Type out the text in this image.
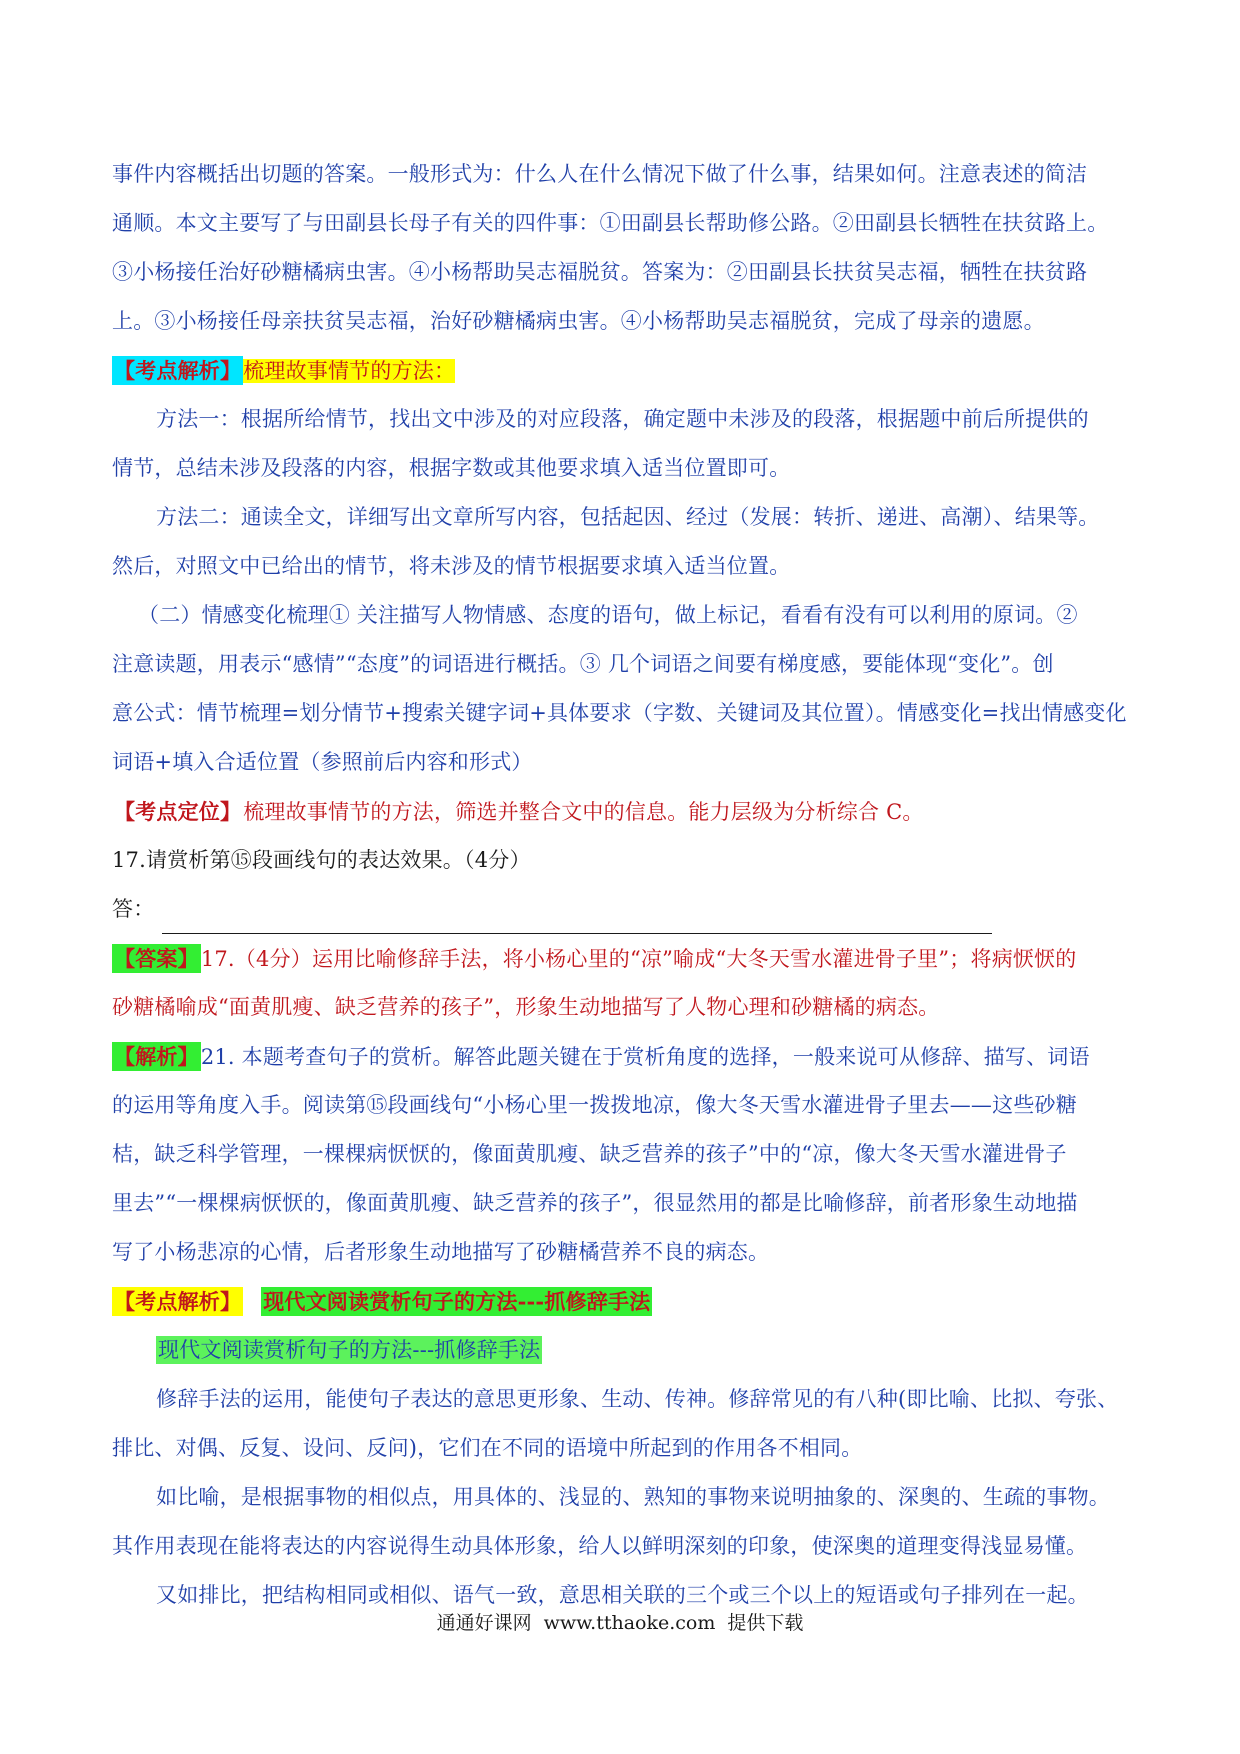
事件内容概括出切题的答案。一般形式为：什么人在什么情况下做了什么事，结果如何。注意表述的简洁
通顺。本文主要写了与田副县长母子有关的四件事：①田副县长帮助修公路。②田副县长牺牲在扶贫路上。
③小杨接任治好砂糖橘病虫害。④小杨帮助吴志福脱贫。答案为：②田副县长扶贫吴志福，牺牲在扶贫路
上。③小杨接任母亲扶贫吴志福，治好砂糖橘病虫害。④小杨帮助吴志福脱贫，完成了母亲的遗愿。
【考点解析】梳理故事情节的方法：
方法一：根据所给情节，找出文中涉及的对应段落，确定题中未涉及的段落，根据题中前后所提供的
情节，总结未涉及段落的内容，根据字数或其他要求填入适当位置即可。
方法二：通读全文，详细写出文章所写内容，包括起因、经过（发展：转折、递进、高潮）、结果等。
然后，对照文中已给出的情节，将未涉及的情节根据要求填入适当位置。
（二）情感变化梳理① 关注描写人物情感、态度的语句，做上标记，看看有没有可以利用的原词。②
注意读题，用表示“感情”“态度”的词语进行概括。③ 几个词语之间要有梯度感，要能体现“变化”。创
意公式：情节梳理=划分情节+搜索关键字词+具体要求（字数、关键词及其位置）。情感变化=找出情感变化
词语+填入合适位置（参照前后内容和形式）
【考点定位】梳理故事情节的方法，筛选并整合文中的信息。能力层级为分析综合 C。
17.请赏析第⑮段画线句的表达效果。（4分）
答：
【答案】17.（4分）运用比喻修辞手法，将小杨心里的“凉”喻成“大冬天雪水灌进骨子里”；将病恹恹的
砂糖橘喻成“面黄肌瘦、缺乏营养的孩子”，形象生动地描写了人物心理和砂糖橘的病态。
【解析】21. 本题考查句子的赏析。解答此题关键在于赏析角度的选择，一般来说可从修辞、描写、词语
的运用等角度入手。阅读第⑮段画线句“小杨心里一拨拨地凉，像大冬天雪水灌进骨子里去——这些砂糖
桔，缺乏科学管理，一棵棵病恹恹的，像面黄肌瘦、缺乏营养的孩子”中的“凉，像大冬天雪水灌进骨子
里去”“一棵棵病恹恹的，像面黄肌瘦、缺乏营养的孩子”，很显然用的都是比喻修辞，前者形象生动地描
写了小杨悲凉的心情，后者形象生动地描写了砂糖橘营养不良的病态。
【考点解析】 现代文阅读赏析句子的方法---抓修辞手法
现代文阅读赏析句子的方法---抓修辞手法
修辞手法的运用，能使句子表达的意思更形象、生动、传神。修辞常见的有八种(即比喻、比拟、夸张、
排比、对偶、反复、设问、反问)，它们在不同的语境中所起到的作用各不相同。
如比喻，是根据事物的相似点，用具体的、浅显的、熟知的事物来说明抽象的、深奥的、生疏的事物。
其作用表现在能将表达的内容说得生动具体形象，给人以鲜明深刻的印象，使深奥的道理变得浅显易懂。
又如排比，把结构相同或相似、语气一致，意思相关联的三个或三个以上的短语或句子排列在一起。
通通好课网 www.tthaoke.com 提供下载
